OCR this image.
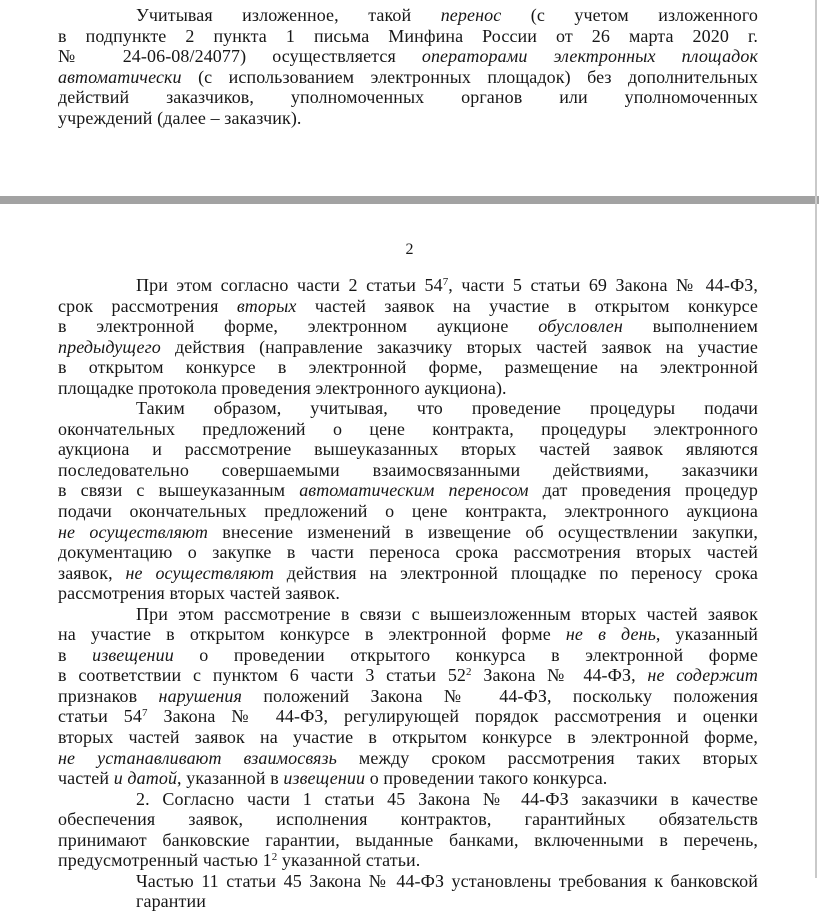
Учитывая изложенное, такой перенос (с учетом изложенного
в подпункте 2 пункта 1 письма Минфина России от 26 марта 2020 г.
№ 24-06-08/24077) осуществляется операторами электронных площадок
автоматически (с использованием электронных площадок) без дополнительных
действий заказчиков, уполномоченных органов или уполномоченных
учреждений (далее – заказчик).
2
При этом согласно части 2 статьи $54^7$, части 5 статьи 69 Закона № 44-ФЗ,
срок рассмотрения вторых частей заявок на участие в открытом конкурсе
в электронной форме, электронном аукционе обусловлен выполнением
предыдущего действия (направление заказчику вторых частей заявок на участие
в открытом конкурсе в электронной форме, размещение на электронной
площадке протокола проведения электронного аукциона).
Таким образом, учитывая, что проведение процедуры подачи
окончательных предложений о цене контракта, процедуры электронного
аукциона и рассмотрение вышеуказанных вторых частей заявок являются
последовательно совершаемыми взаимосвязанными действиями, заказчики
в связи с вышеуказанным автоматическим переносом дат проведения процедур
подачи окончательных предложений о цене контракта, электронного аукциона
не осуществляют внесение изменений в извещение об осуществлении закупки,
документацию о закупке в части переноса срока рассмотрения вторых частей
заявок, не осуществляют действия на электронной площадке по переносу срока
рассмотрения вторых частей заявок.
При этом рассмотрение в связи с вышеизложенным вторых частей заявок
на участие в открытом конкурсе в электронной форме не в день, указанный
в извещении о проведении открытого конкурса в электронной форме
в соответствии с пунктом 6 части 3 статьи $52^2$ Закона № 44-ФЗ, не содержит
признаков нарушения положений Закона № 44-ФЗ, поскольку положения
статьи $54^7$ Закона № 44-ФЗ, регулирующей порядок рассмотрения и оценки
вторых частей заявок на участие в открытом конкурсе в электронной форме,
не устанавливают взаимосвязь между сроком рассмотрения таких вторых
частей и датой, указанной в извещении о проведении такого конкурса.
2. Согласно части 1 статьи 45 Закона № 44-ФЗ заказчики в качестве
обеспечения заявок, исполнения контрактов, гарантийных обязательств
принимают банковские гарантии, выданные банками, включенными в перечень,
предусмотренный частью $1^2$ указанной статьи.
Частью 11 статьи 45 Закона № 44-ФЗ установлены требования к банковской гарантии
